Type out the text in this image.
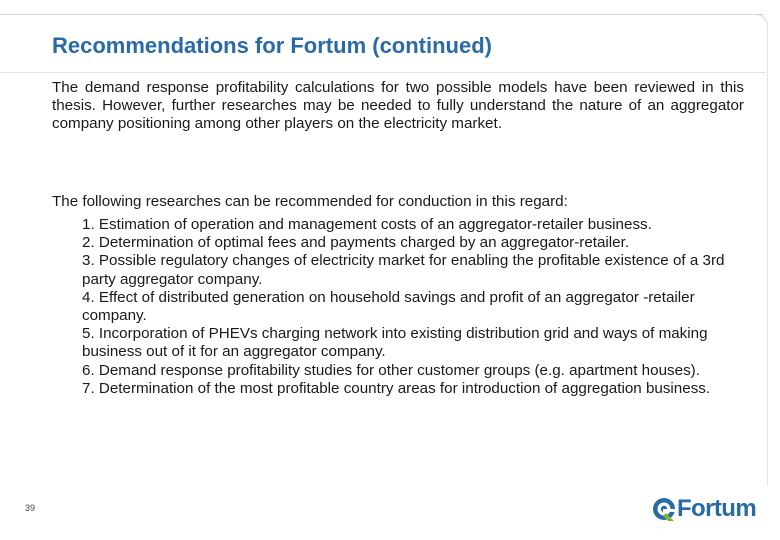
Recommendations for Fortum (continued)

The demand response profitability calculations for two possible models have been reviewed in this thesis. However, further researches may be needed to fully understand the nature of an aggregator company positioning among other players on the electricity market.

The following researches can be recommended for conduction in this regard:

1. Estimation of operation and management costs of an aggregator-retailer business.
2. Determination of optimal fees and payments charged by an aggregator-retailer.
3. Possible regulatory changes of electricity market for enabling the profitable existence of a 3rd party aggregator company.
4. Effect of distributed generation on household savings and profit of an aggregator -retailer company.
5. Incorporation of PHEVs charging network into existing distribution grid and ways of making business out of it for an aggregator company.
6. Demand response profitability studies for other customer groups (e.g. apartment houses).
7. Determination of the most profitable country areas for introduction of aggregation business.
39	Fortum
